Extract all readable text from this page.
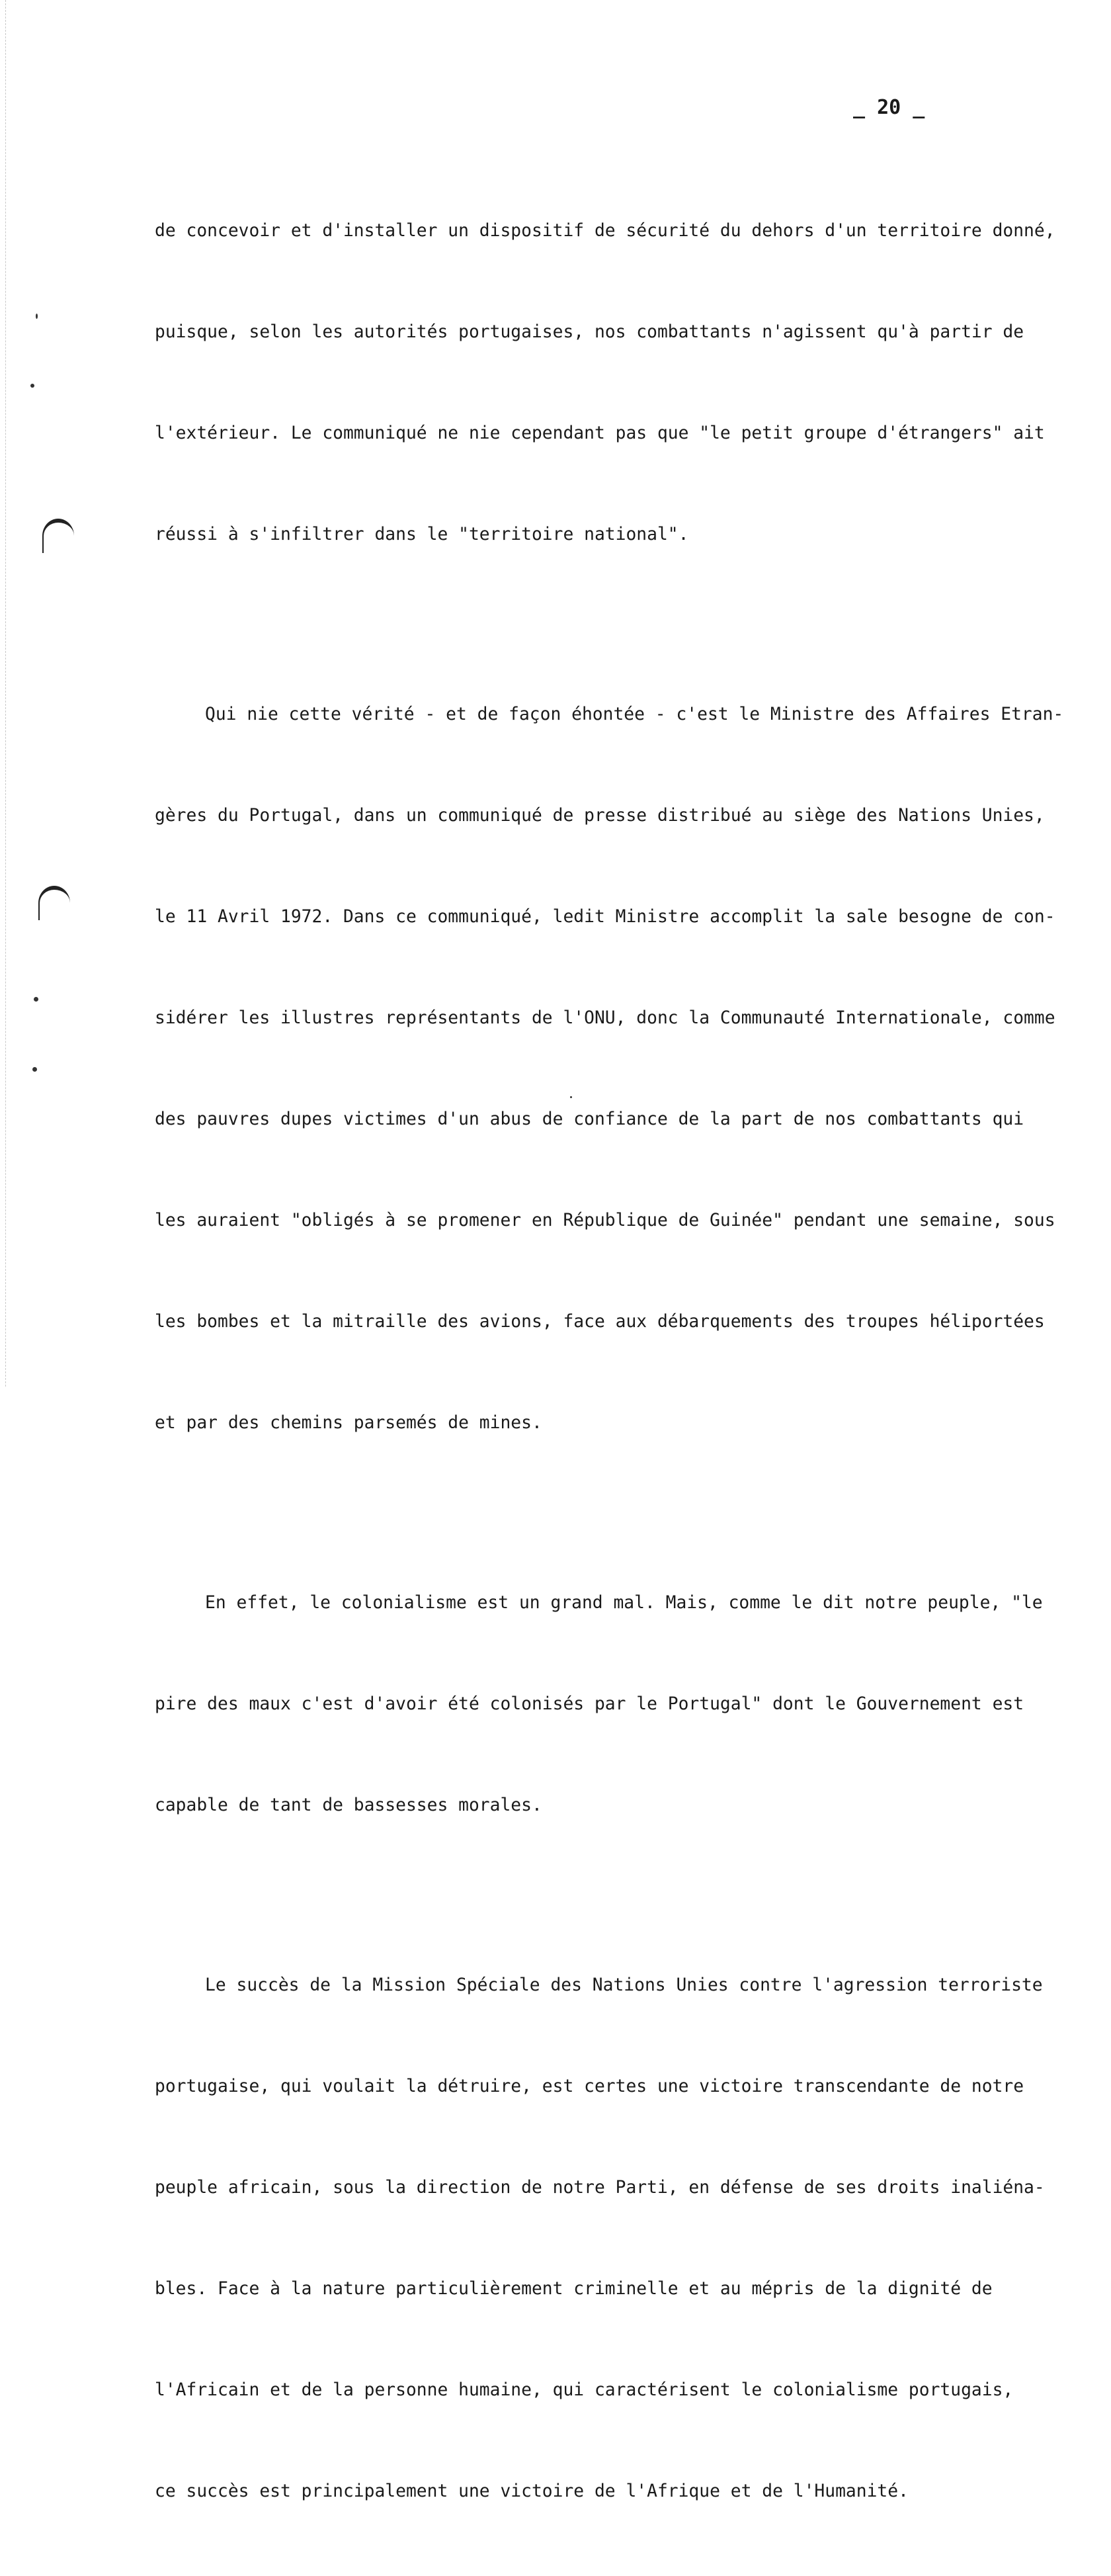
_ 20 _

de concevoir et d'installer un dispositif de sécurité du dehors d'un territoire donné,

puisque, selon les autorités portugaises, nos combattants n'agissent qu'à partir de

l'extérieur. Le communiqué ne nie cependant pas que "le petit groupe d'étrangers" ait

réussi à s'infiltrer dans le "territoire national".

Qui nie cette vérité - et de façon éhontée - c'est le Ministre des Affaires Etran-

gères du Portugal, dans un communiqué de presse distribué au siège des Nations Unies,

le 11 Avril 1972. Dans ce communiqué, ledit Ministre accomplit la sale besogne de con-

sidérer les illustres représentants de l'ONU, donc la Communauté Internationale, comme

des pauvres dupes victimes d'un abus de confiance de la part de nos combattants qui

les auraient "obligés à se promener en République de Guinée" pendant une semaine, sous

les bombes et la mitraille des avions, face aux débarquements des troupes héliportées

et par des chemins parsemés de mines.

En effet, le colonialisme est un grand mal. Mais, comme le dit notre peuple, "le

pire des maux c'est d'avoir été colonisés par le Portugal" dont le Gouvernement est

capable de tant de bassesses morales.

Le succès de la Mission Spéciale des Nations Unies contre l'agression terroriste

portugaise, qui voulait la détruire, est certes une victoire transcendante de notre

peuple africain, sous la direction de notre Parti, en défense de ses droits inaliéna-

bles. Face à la nature particulièrement criminelle et au mépris de la dignité de

l'Africain et de la personne humaine, qui caractérisent le colonialisme portugais,

ce succès est principalement une victoire de l'Afrique et de l'Humanité.
